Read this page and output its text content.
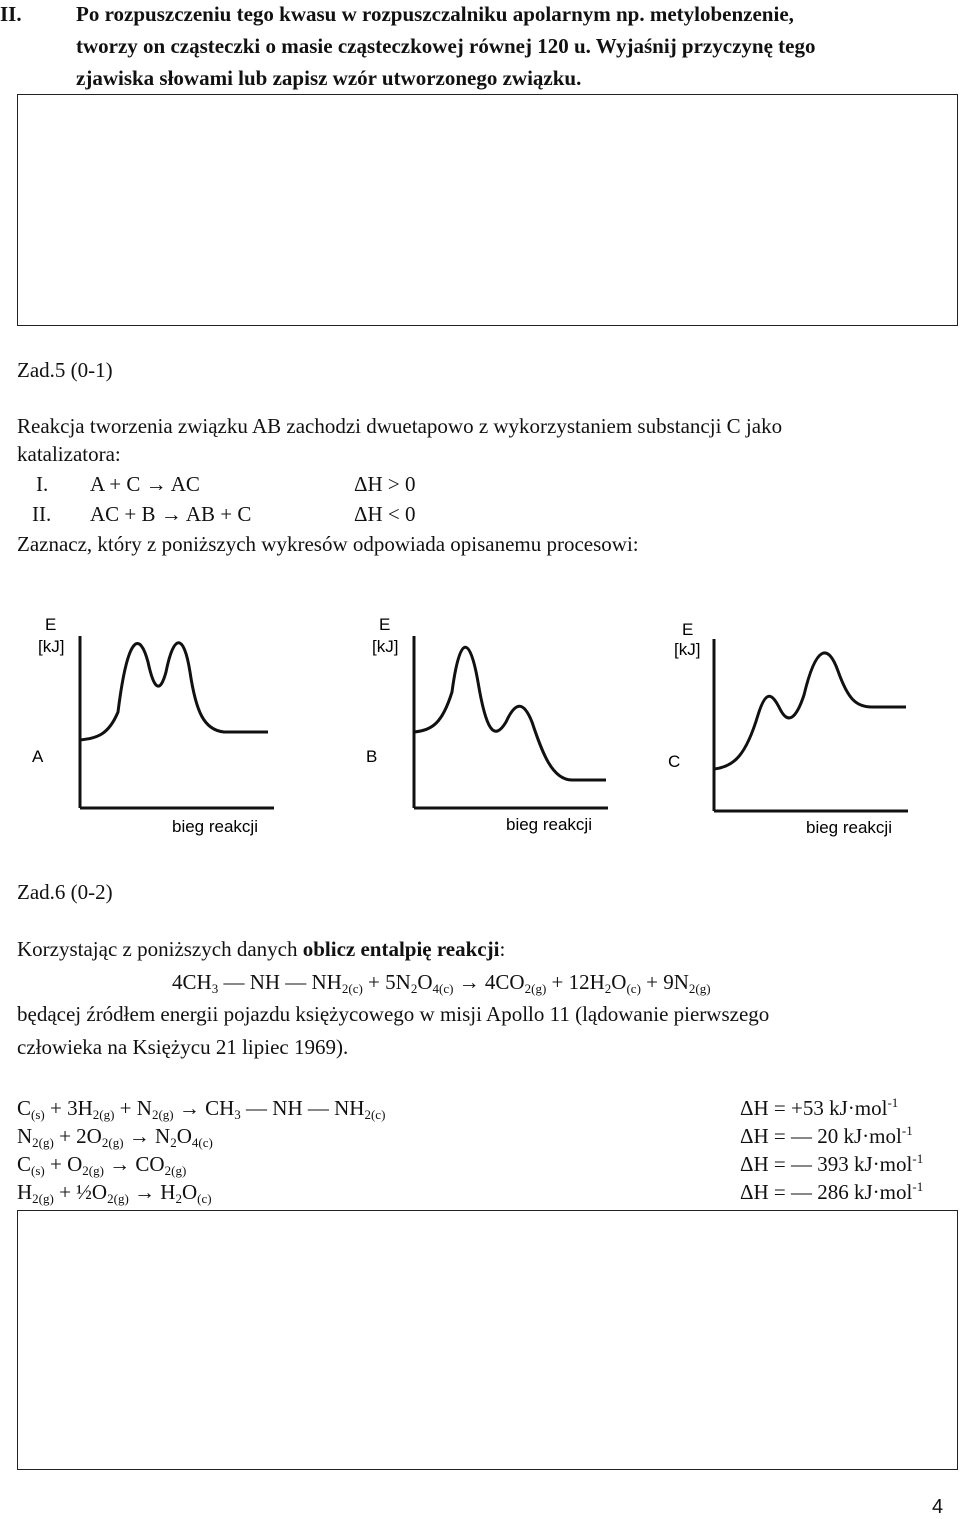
II.	Po rozpuszczeniu tego kwasu w rozpuszczalniku apolarnym np. metylobenzenie,
tworzy on cząsteczki o masie cząsteczkowej równej 120 u. Wyjaśnij przyczynę tego
zjawiska słowami lub zapisz wzór utworzonego związku.
Zad.5 (0-1)
Reakcja tworzenia związku AB zachodzi dwuetapowo z wykorzystaniem substancji C jako
katalizatora:
I. A + C → AC	ΔH > 0
II. AC + B → AB + C	ΔH < 0
Zaznacz, który z poniższych wykresów odpowiada opisanemu procesowi:
E
[kJ]
A
bieg reakcji
E
[kJ]
B
bieg reakcji
E
[kJ]
C
bieg reakcji
Zad.6 (0-2)
Korzystając z poniższych danych oblicz entalpię reakcji:
$4CH_3$ — NH — $NH_{2(c)} + 5N_2O_{4(c)} \to 4CO_{2(g)} + 12H_2O_{(c)} + 9N_{2(g)}$
będącej źródłem energii pojazdu księżycowego w misji Apollo 11 (lądowanie pierwszego
człowieka na Księżycu 21 lipiec 1969).
$C_{(s)} + 3H_{2(g)} + N_{2(g)} \to CH_3$ — NH — $NH_{2(c)}$	ΔH = +53 kJ·mol$^{-1}$
$N_{2(g)} + 2O_{2(g)} \to N_2O_{4(c)}$	ΔH = — 20 kJ·mol$^{-1}$
$C_{(s)} + O_{2(g)} \to CO_{2(g)}$	ΔH = — 393 kJ·mol$^{-1}$
$H_{2(g)}$ + $\frac{1}{2}O_{2(g)} \to H_2O_{(c)}$	ΔH = — 286 kJ·mol$^{-1}$
4
